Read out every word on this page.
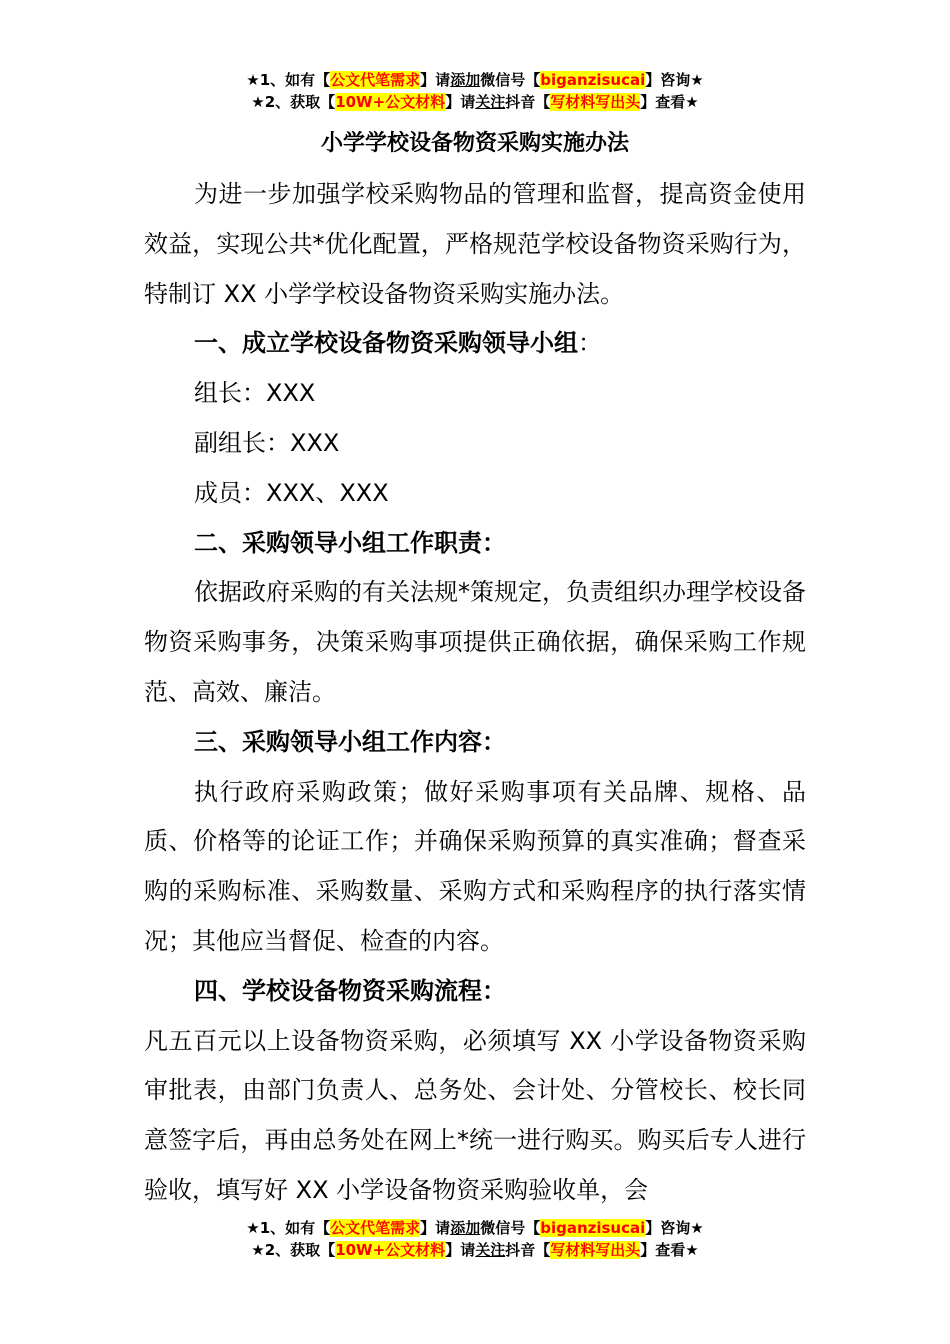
★1、如有【公文代笔需求】请添加微信号【biganzisucai】咨询★
★2、获取【10W+公文材料】请关注抖音【写材料写出头】查看★
小学学校设备物资采购实施办法

为进一步加强学校采购物品的管理和监督，提高资金使用效益，实现公共*优化配置，严格规范学校设备物资采购行为，特制订 XX 小学学校设备物资采购实施办法。

一、成立学校设备物资采购领导小组：

组长：XXX

副组长：XXX

成员：XXX、XXX

二、采购领导小组工作职责：

依据政府采购的有关法规*策规定，负责组织办理学校设备物资采购事务，决策采购事项提供正确依据，确保采购工作规范、高效、廉洁。

三、采购领导小组工作内容：

执行政府采购政策；做好采购事项有关品牌、规格、品质、价格等的论证工作；并确保采购预算的真实准确；督查采购的采购标准、采购数量、采购方式和采购程序的执行落实情况；其他应当督促、检查的内容。

四、学校设备物资采购流程：

凡五百元以上设备物资采购，必须填写 XX 小学设备物资采购审批表，由部门负责人、总务处、会计处、分管校长、校长同意签字后，再由总务处在网上*统一进行购买。购买后专人进行验收，填写好 XX 小学设备物资采购验收单，会

★1、如有【公文代笔需求】请添加微信号【biganzisucai】咨询★
★2、获取【10W+公文材料】请关注抖音【写材料写出头】查看★
